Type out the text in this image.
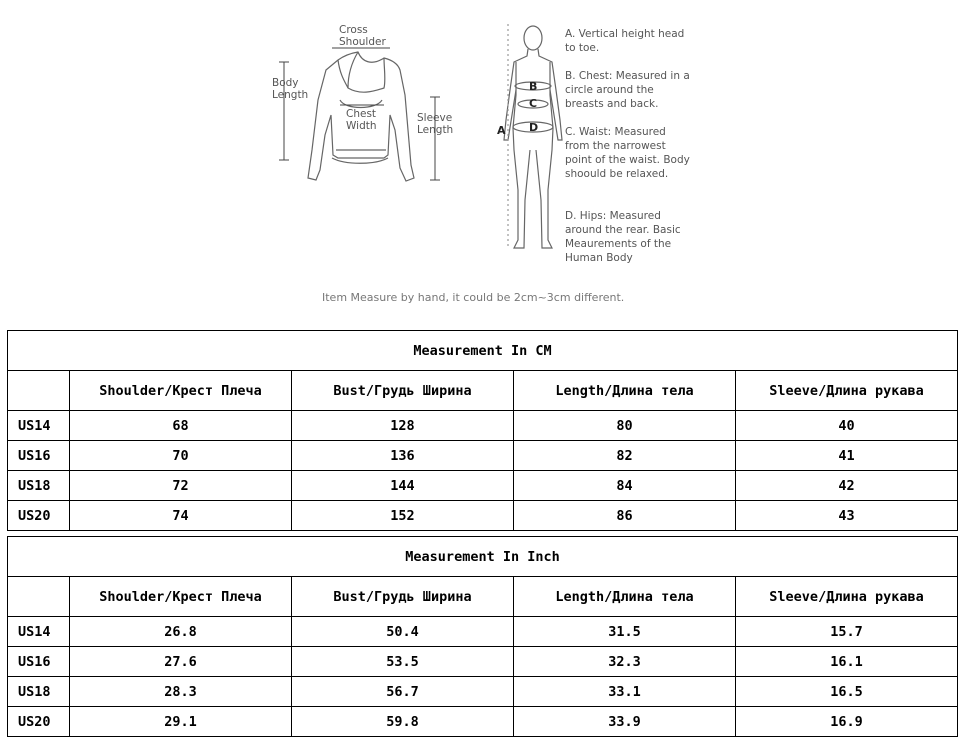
Cross
Shoulder
Body
Length
Chest
Width
Sleeve
Length	A
B
C
D
A. Vertical height head to toe.
B. Chest: Measured in a circle around the breasts and back.
C. Waist: Measured from the narrowest point of the waist. Body shoould be relaxed.
D. Hips: Measured around the rear. Basic Meaurements of the Human Body
Item Measure by hand, it could be 2cm~3cm different.
Measurement In CM				
	Shoulder/Крест Плеча	Bust/Грудь Ширина	Length/Длина тела	Sleeve/Длина рукава
US14	68	128	80	40
US16	70	136	82	41
US18	72	144	84	42
US20	74	152	86	43
Measurement In Inch				
	Shoulder/Крест Плеча	Bust/Грудь Ширина	Length/Длина тела	Sleeve/Длина рукава
US14	26.8	50.4	31.5	15.7
US16	27.6	53.5	32.3	16.1
US18	28.3	56.7	33.1	16.5
US20	29.1	59.8	33.9	16.9
